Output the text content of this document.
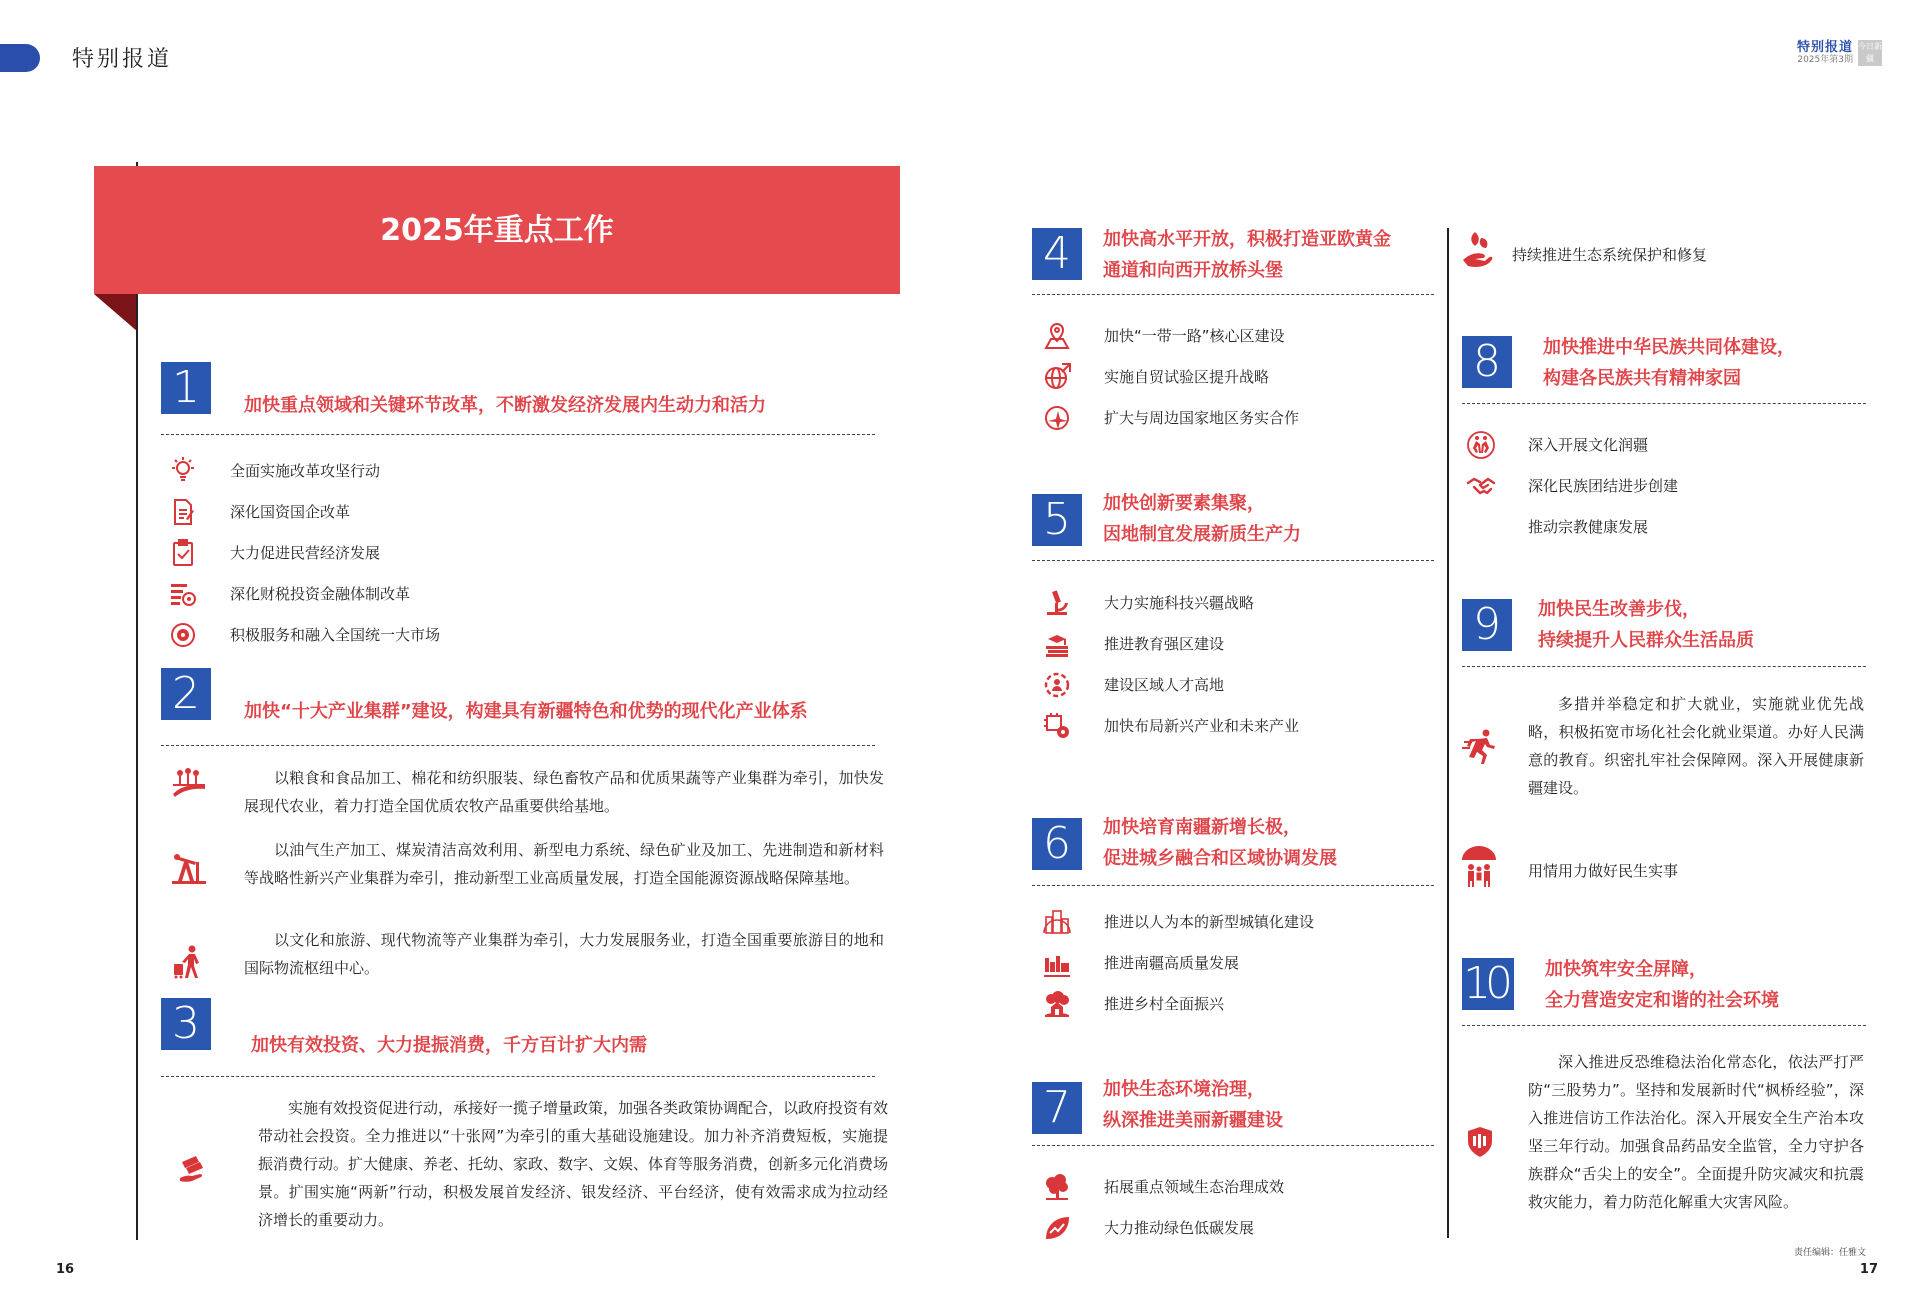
特别报道	特别报道
2025年第3期
今日新疆
2025年重点工作
1	加快重点领域和关键环节改革，不断激发经济发展内生动力和活力
全面实施改革攻坚行动
深化国资国企改革
大力促进民营经济发展
深化财税投资金融体制改革
积极服务和融入全国统一大市场
2	加快“十大产业集群”建设，构建具有新疆特色和优势的现代化产业体系
以粮食和食品加工、棉花和纺织服装、绿色畜牧产品和优质果蔬等产业集群为牵引，加快发展现代农业，着力打造全国优质农牧产品重要供给基地。
以油气生产加工、煤炭清洁高效利用、新型电力系统、绿色矿业及加工、先进制造和新材料等战略性新兴产业集群为牵引，推动新型工业高质量发展，打造全国能源资源战略保障基地。
以文化和旅游、现代物流等产业集群为牵引，大力发展服务业，打造全国重要旅游目的地和国际物流枢纽中心。
3	加快有效投资、大力提振消费，千方百计扩大内需
实施有效投资促进行动，承接好一揽子增量政策，加强各类政策协调配合，以政府投资有效带动社会投资。全力推进以“十张网”为牵引的重大基础设施建设。加力补齐消费短板，实施提振消费行动。扩大健康、养老、托幼、家政、数字、文娱、体育等服务消费，创新多元化消费场景。扩围实施“两新”行动，积极发展首发经济、银发经济、平台经济，使有效需求成为拉动经济增长的重要动力。
4	加快高水平开放，积极打造亚欧黄金
通道和向西开放桥头堡
加快“一带一路”核心区建设
实施自贸试验区提升战略
扩大与周边国家地区务实合作
5	加快创新要素集聚，
因地制宜发展新质生产力
大力实施科技兴疆战略
推进教育强区建设
建设区域人才高地
加快布局新兴产业和未来产业
6	加快培育南疆新增长极，
促进城乡融合和区域协调发展
推进以人为本的新型城镇化建设
推进南疆高质量发展
推进乡村全面振兴
7	加快生态环境治理，
纵深推进美丽新疆建设
拓展重点领域生态治理成效
大力推动绿色低碳发展
持续推进生态系统保护和修复
8	加快推进中华民族共同体建设，
构建各民族共有精神家园
深入开展文化润疆
深化民族团结进步创建
推动宗教健康发展
9	加快民生改善步伐，
持续提升人民群众生活品质
多措并举稳定和扩大就业，实施就业优先战略，积极拓宽市场化社会化就业渠道。办好人民满意的教育。织密扎牢社会保障网。深入开展健康新疆建设。
用情用力做好民生实事
10	加快筑牢安全屏障，
全力营造安定和谐的社会环境
深入推进反恐维稳法治化常态化，依法严打严防“三股势力”。坚持和发展新时代“枫桥经验”，深入推进信访工作法治化。深入开展安全生产治本攻坚三年行动。加强食品药品安全监管，全力守护各族群众“舌尖上的安全”。全面提升防灾减灾和抗震救灾能力，着力防范化解重大灾害风险。
责任编辑：任雅文
16	17
